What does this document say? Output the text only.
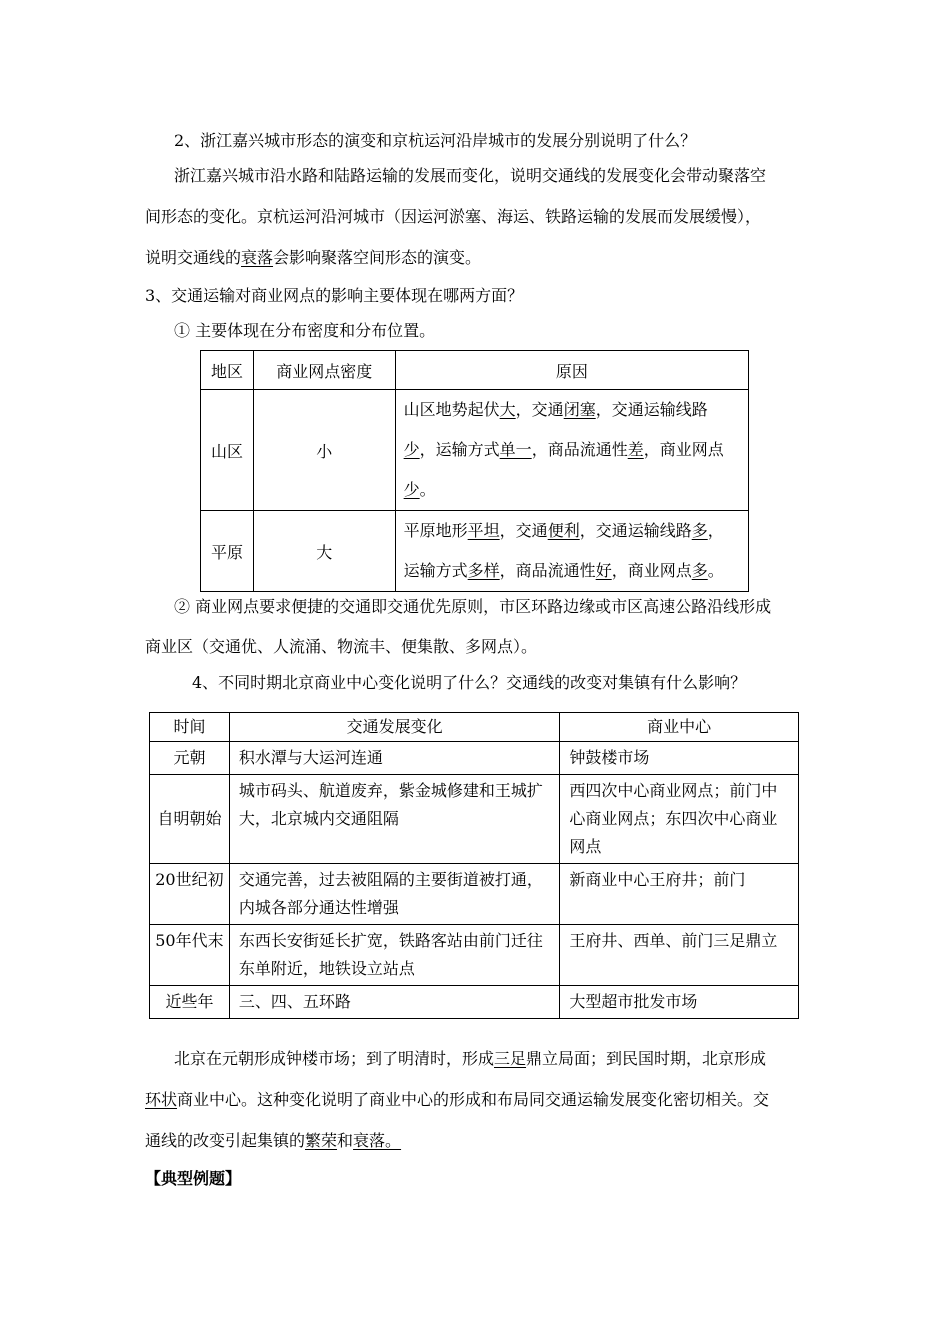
2、浙江嘉兴城市形态的演变和京杭运河沿岸城市的发展分别说明了什么？
浙江嘉兴城市沿水路和陆路运输的发展而变化，说明交通线的发展变化会带动聚落空
间形态的变化。京杭运河沿河城市（因运河淤塞、海运、铁路运输的发展而发展缓慢），
说明交通线的衰落会影响聚落空间形态的演变。
3、交通运输对商业网点的影响主要体现在哪两方面？
① 主要体现在分布密度和分布位置。
地区	商业网点密度	原因
山区	小	山区地势起伏大，交通闭塞，交通运输线路
少，运输方式单一，商品流通性差，商业网点
少。

平原	大	平原地形平坦，交通便利，交通运输线路多，
运输方式多样，商品流通性好，商业网点多。
② 商业网点要求便捷的交通即交通优先原则，市区环路边缘或市区高速公路沿线形成
商业区（交通优、人流涌、物流丰、便集散、多网点）。
4、不同时期北京商业中心变化说明了什么？交通线的改变对集镇有什么影响？
时间	交通发展变化	商业中心
元朝	积水潭与大运河连通	钟鼓楼市场
自明朝始	城市码头、航道废弃，紫金城修建和王城扩大，北京城内交通阻隔	西四次中心商业网点；前门中心商业网点；东四次中心商业网点
20世纪初	交通完善，过去被阻隔的主要街道被打通，内城各部分通达性增强	新商业中心王府井；前门
50年代末	东西长安街延长扩宽，铁路客站由前门迁往东单附近，地铁设立站点	王府井、西单、前门三足鼎立
近些年	三、四、五环路	大型超市批发市场
北京在元朝形成钟楼市场；到了明清时，形成三足鼎立局面；到民国时期，北京形成
环状商业中心。这种变化说明了商业中心的形成和布局同交通运输发展变化密切相关。交
通线的改变引起集镇的繁荣和衰落。
【典型例题】
